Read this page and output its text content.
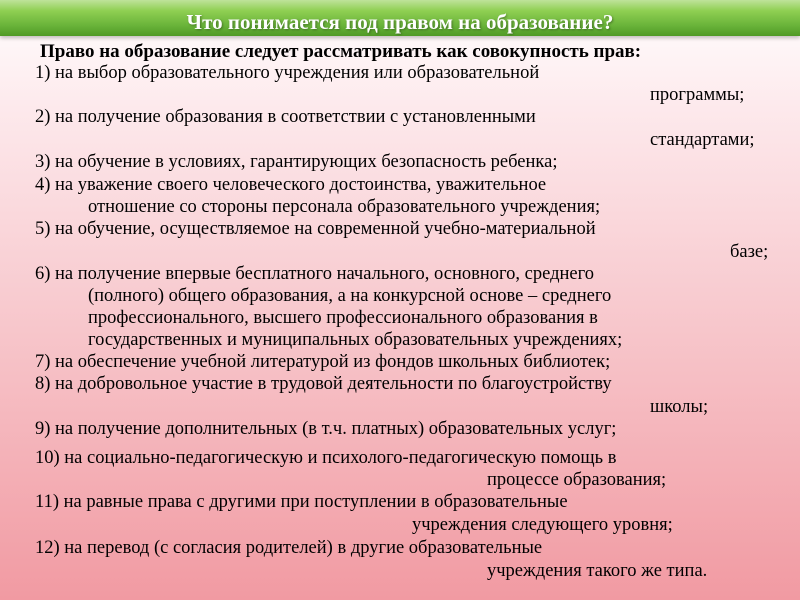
Что понимается под правом на образование?
Право на образование следует рассматривать как совокупность прав:
1) на выбор образовательного учреждения или образовательной
программы;
2) на получение образования в соответствии с установленными
стандартами;
3) на обучение в условиях, гарантирующих безопасность ребенка;
4) на уважение своего человеческого достоинства, уважительное
отношение со стороны персонала образовательного учреждения;
5) на обучение, осуществляемое на современной учебно-материальной
базе;
6) на получение впервые бесплатного начального, основного, среднего
(полного) общего образования, а на конкурсной основе – среднего
профессионального, высшего профессионального образования в
государственных и муниципальных образовательных учреждениях;
7) на обеспечение учебной литературой из фондов школьных библиотек;
8) на добровольное участие в трудовой деятельности по благоустройству
школы;
9) на получение дополнительных (в т.ч. платных) образовательных услуг;
10) на социально-педагогическую и психолого-педагогическую помощь в
процессе образования;
11) на равные права с другими при поступлении в образовательные
учреждения следующего уровня;
12) на перевод (с согласия родителей) в другие образовательные
учреждения такого же типа.
